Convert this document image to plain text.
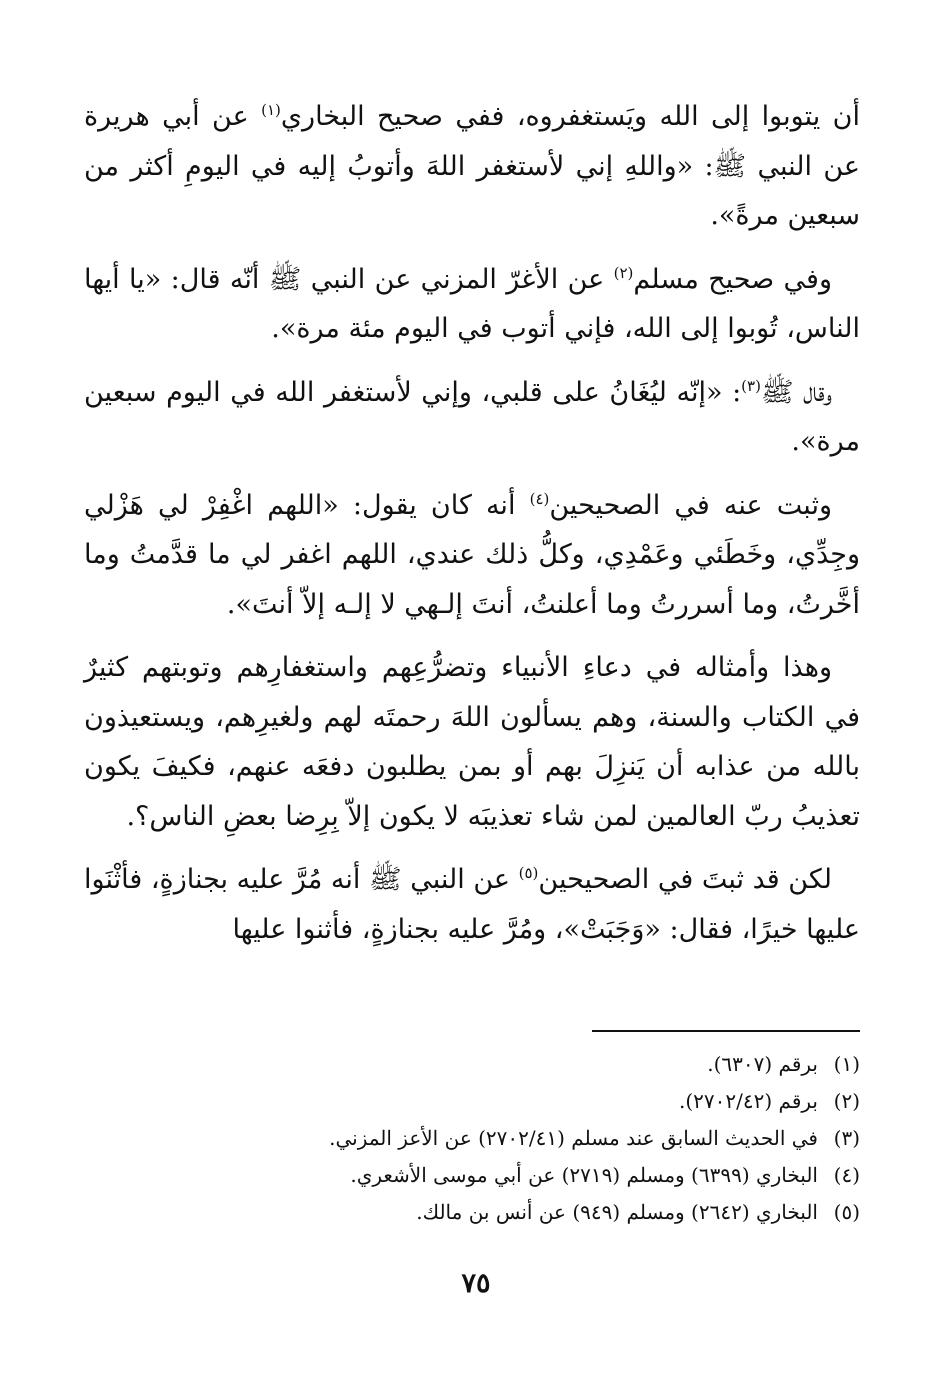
أن يتوبوا إلى الله ويَستغفروه، ففي صحيح البخاري$^{(١)}$ عن أبي هريرة عن النبي ﷺ: «واللهِ إني لأستغفر اللهَ وأتوبُ إليه في اليومِ أكثر من سبعين مرةً».

وفي صحيح مسلم$^{(٢)}$ عن الأغرّ المزني عن النبي ﷺ أنّه قال: «يا أيها الناس، تُوبوا إلى الله، فإني أتوب في اليوم مئة مرة».

وقال ﷺ$^{(٣)}$: «إنّه ليُغَانُ على قلبي، وإني لأستغفر الله في اليوم سبعين مرة».

وثبت عنه في الصحيحين$^{(٤)}$ أنه كان يقول: «اللهم اغْفِرْ لي هَزْلي وجِدِّي، وخَطَئي وعَمْدِي، وكلُّ ذلك عندي، اللهم اغفر لي ما قدَّمتُ وما أخَّرتُ، وما أسررتُ وما أعلنتُ، أنتَ إلـهي لا إلـه إلاّ أنتَ».

وهذا وأمثاله في دعاءِ الأنبياء وتضرُّعِهم واستغفارِهم وتوبتهم كثيرٌ في الكتاب والسنة، وهم يسألون اللهَ رحمتَه لهم ولغيرِهم، ويستعيذون بالله من عذابه أن يَنزِلَ بهم أو بمن يطلبون دفعَه عنهم، فكيفَ يكون تعذيبُ ربّ العالمين لمن شاء تعذيبَه لا يكون إلاّ بِرِضا بعضِ الناس؟.

لكن قد ثبتَ في الصحيحين$^{(٥)}$ عن النبي ﷺ أنه مُرَّ عليه بجنازةٍ، فأثْنَوا عليها خيرًا، فقال: «وَجَبَتْ»، ومُرَّ عليه بجنازةٍ، فأثنوا عليها

(١)
برقم (٦٣٠٧).
(٢)
برقم (٢٧٠٢/٤٢).
(٣)
في الحديث السابق عند مسلم (٢٧٠٢/٤١) عن الأعز المزني.
(٤)
البخاري (٦٣٩٩) ومسلم (٢٧١٩) عن أبي موسى الأشعري.
(٥)
البخاري (٢٦٤٢) ومسلم (٩٤٩) عن أنس بن مالك.
٧٥
